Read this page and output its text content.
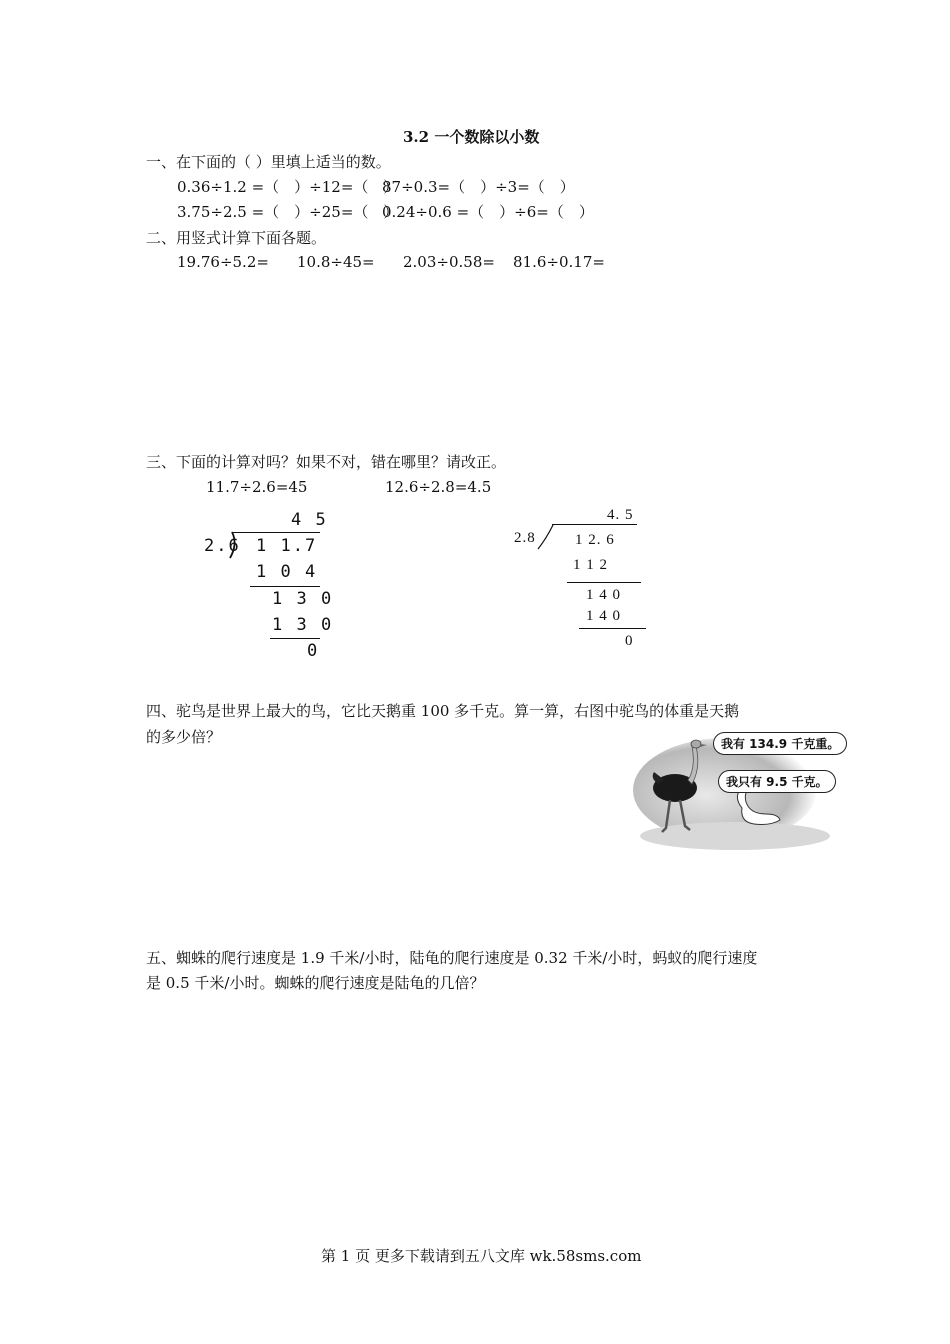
3.2 一个数除以小数
一、在下面的（ ）里填上适当的数。
0.36÷1.2 =（　）÷12=（　）
87÷0.3=（　）÷3=（　）
3.75÷2.5 =（　）÷25=（　）
0.24÷0.6 =（　）÷6=（　）
二、用竖式计算下面各题。
19.76÷5.2= 10.8÷45= 2.03÷0.58= 81.6÷0.17=
三、下面的计算对吗？如果不对，错在哪里？请改正。
11.7÷2.6=45	12.6÷2.8=4.5
4 5
2.6 1 1.7
1 0 4
1 3 0
1 3 0
0
4. 5
2.8	1 2. 6
1 1 2
1 4 0
1 4 0
0
四、驼鸟是世界上最大的鸟，它比天鹅重 100 多千克。算一算，右图中驼鸟的体重是天鹅
的多少倍？	我有 134.9 千克重。
我只有 9.5 千克。
五、蜘蛛的爬行速度是 1.9 千米/小时，陆龟的爬行速度是 0.32 千米/小时，蚂蚁的爬行速度
是 0.5 千米/小时。蜘蛛的爬行速度是陆龟的几倍？
第 1 页 更多下载请到五八文库 wk.58sms.com
